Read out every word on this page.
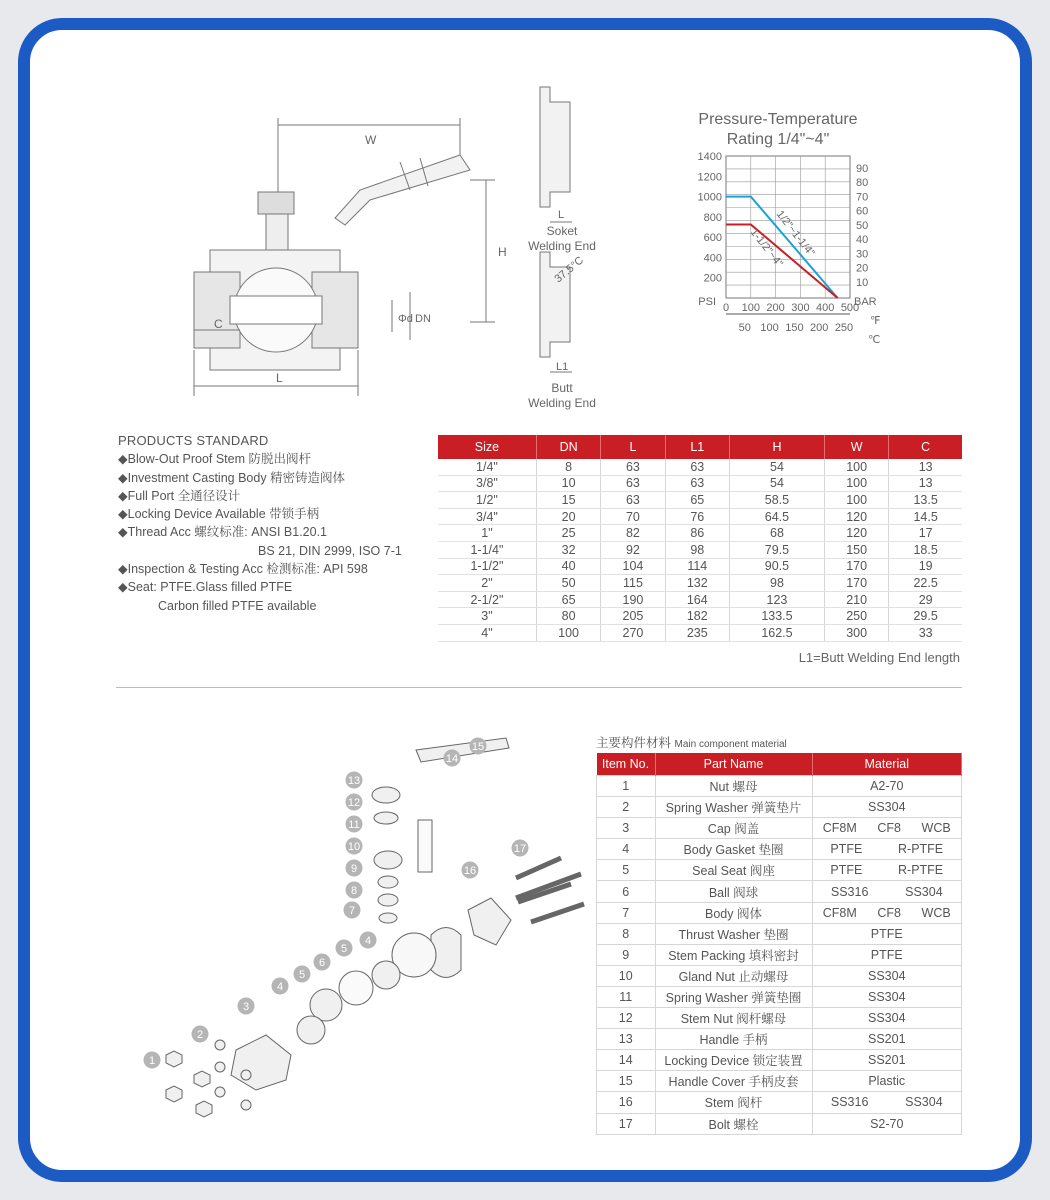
W
H
C
L
Φd DN
L
Soket
Welding End
37.5°C
L1
Butt
Welding End
Pressure-Temperature
Rating 1/4"~4"
1400
1200
1000
800
600
400
200
90
80
70
60
50
40
30
20
10
0 100 200 300 400 500
50 100 150 200 250
PSI	BAR
℉
℃
1/2"~1-1/4"
1-1/2"~4"
PRODUCTS STANDARD
◆Blow-Out Proof Stem 防脱出阀杆
◆Investment Casting Body 精密铸造阀体
◆Full Port 全通径设计
◆Locking Device Available 带锁手柄
◆Thread Acc 螺纹标准: ANSI B1.20.1
BS 21, DIN 2999, ISO 7-1
◆Inspection & Testing Acc 检测标准: API 598
◆Seat: PTFE.Glass filled PTFE
Carbon filled PTFE available
Size	DN	L	L1	H	W	C
1/4"	8	63	63	54	100	13
3/8"	10	63	63	54	100	13
1/2"	15	63	65	58.5	100	13.5
3/4"	20	70	76	64.5	120	14.5
1"	25	82	86	68	120	17
1-1/4"	32	92	98	79.5	150	18.5
1-1/2"	40	104	114	90.5	170	19
2"	50	115	132	98	170	22.5
2-1/2"	65	190	164	123	210	29
3"	80	205	182	133.5	250	29.5
4"	100	270	235	162.5	300	33
L1=Butt Welding End length
1
2
3
4
5
6
7
8
9
10
11
12
13
14
15
16
17
4
5
主要构件材料 Main component material
Item No.	Part Name	Material
1	Nut 螺母	A2-70

2	Spring Washer 弹簧垫片	SS304

3	Cap 阀盖	CF8M CF8 WCB

4	Body Gasket 垫圈	PTFE R-PTFE

5	Seal Seat 阀座	PTFE R-PTFE

6	Ball 阀球	SS316 SS304

7	Body 阀体	CF8M CF8 WCB

8	Thrust Washer 垫圈	PTFE

9	Stem Packing 填料密封	PTFE

10	Gland Nut 止动螺母	SS304

11	Spring Washer 弹簧垫圈	SS304

12	Stem Nut 阀杆螺母	SS304

13	Handle 手柄	SS201

14	Locking Device 锁定装置	SS201

15	Handle Cover 手柄皮套	Plastic

16	Stem 阀杆	SS316 SS304

17	Bolt 螺栓	S2-70
